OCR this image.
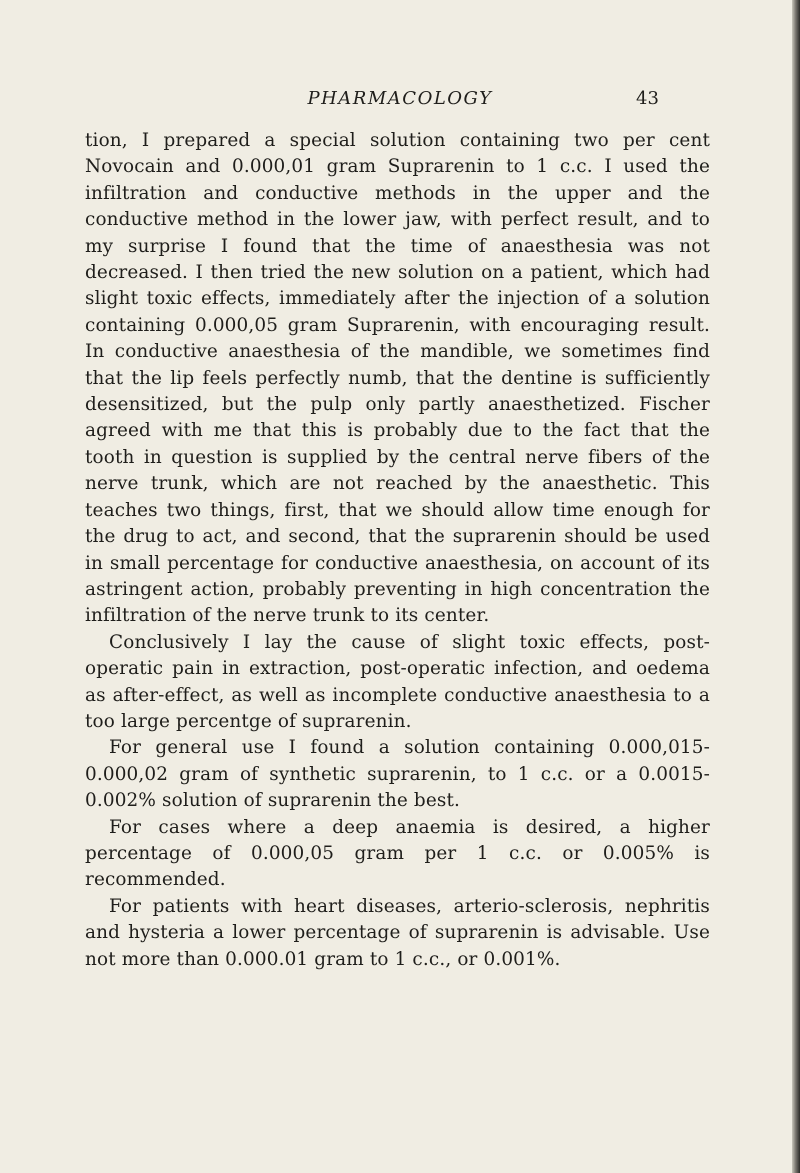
PHARMACOLOGY	43

tion, I prepared a special solution containing two per cent Novocain and 0.000,01 gram Suprarenin to 1 c.c. I used the infiltration and conductive methods in the upper and the conductive method in the lower jaw, with perfect result, and to my surprise I found that the time of anaesthesia was not decreased. I then tried the new solution on a patient, which had slight toxic effects, immediately after the injection of a solution containing 0.000,05 gram Suprarenin, with encouraging result. In conductive anaesthesia of the mandible, we sometimes find that the lip feels perfectly numb, that the dentine is sufficiently desensitized, but the pulp only partly anaesthetized. Fischer agreed with me that this is probably due to the fact that the tooth in question is supplied by the central nerve fibers of the nerve trunk, which are not reached by the anaesthetic. This teaches two things, first, that we should allow time enough for the drug to act, and second, that the suprarenin should be used in small percentage for conductive anaesthesia, on account of its astringent action, probably preventing in high concentration the infiltration of the nerve trunk to its center.

Conclusively I lay the cause of slight toxic effects, post-operatic pain in extraction, post-operatic infection, and oedema as after-effect, as well as incomplete conductive anaesthesia to a too large percentge of suprarenin.

For general use I found a solution containing 0.000,015-0.000,02 gram of synthetic suprarenin, to 1 c.c. or a 0.0015-0.002% solution of suprarenin the best.

For cases where a deep anaemia is desired, a higher percentage of 0.000,05 gram per 1 c.c. or 0.005% is recommended.

For patients with heart diseases, arterio-sclerosis, nephritis and hysteria a lower percentage of suprarenin is advisable. Use not more than 0.000.01 gram to 1 c.c., or 0.001%.
